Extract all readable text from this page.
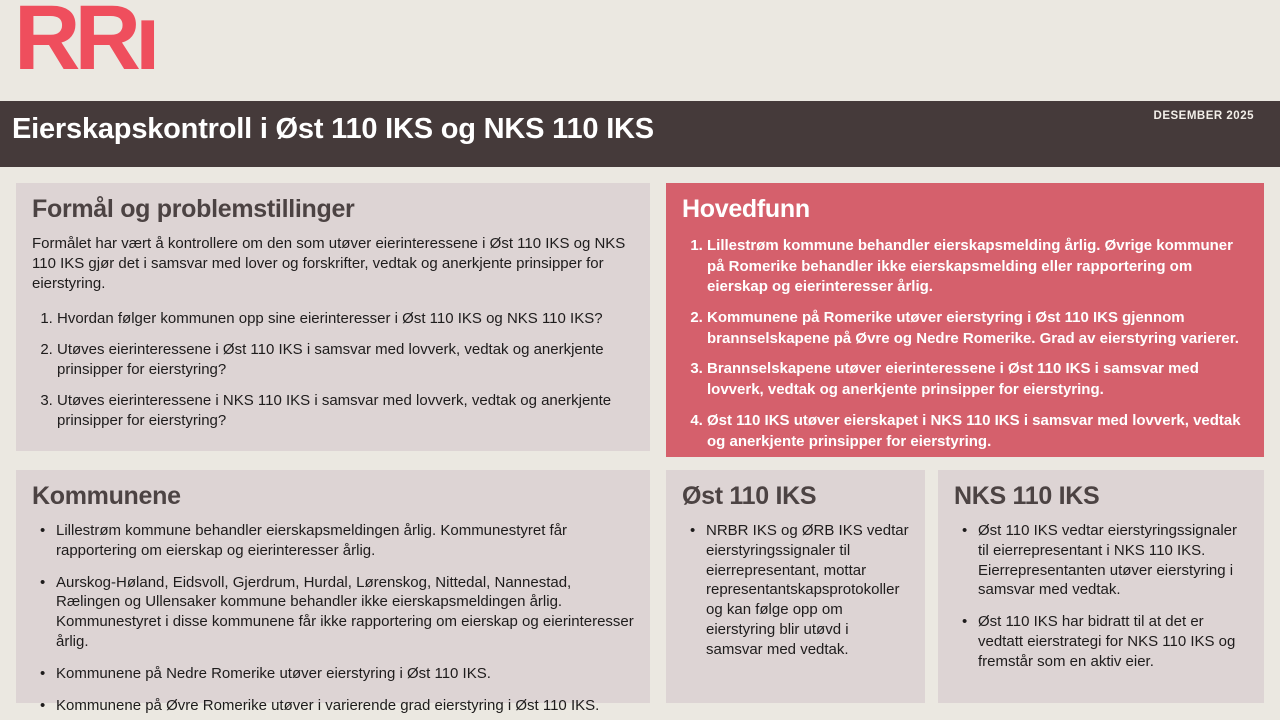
RRı
DESEMBER 2025
Eierskapskontroll i Øst 110 IKS og NKS 110 IKS
Formål og problemstillinger

Formålet har vært å kontrollere om den som utøver eierinteressene i Øst 110 IKS og NKS 110 IKS gjør det i samsvar med lover og forskrifter, vedtak og anerkjente prinsipper for eierstyring.

1. Hvordan følger kommunen opp sine eierinteresser i Øst 110 IKS og NKS 110 IKS?
2. Utøves eierinteressene i Øst 110 IKS i samsvar med lovverk, vedtak og anerkjente prinsipper for eierstyring?
3. Utøves eierinteressene i NKS 110 IKS i samsvar med lovverk, vedtak og anerkjente prinsipper for eierstyring?
Hovedfunn
1. Lillestrøm kommune behandler eierskapsmelding årlig. Øvrige kommuner på Romerike behandler ikke eierskapsmelding eller rapportering om eierskap og eierinteresser årlig.
2. Kommunene på Romerike utøver eierstyring i Øst 110 IKS gjennom brannselskapene på Øvre og Nedre Romerike. Grad av eierstyring varierer.
3. Brannselskapene utøver eierinteressene i Øst 110 IKS i samsvar med lovverk, vedtak og anerkjente prinsipper for eierstyring.
4. Øst 110 IKS utøver eierskapet i NKS 110 IKS i samsvar med lovverk, vedtak og anerkjente prinsipper for eierstyring.
Kommunene
• Lillestrøm kommune behandler eierskapsmeldingen årlig. Kommunestyret får rapportering om eierskap og eierinteresser årlig.
• Aurskog-Høland, Eidsvoll, Gjerdrum, Hurdal, Lørenskog, Nittedal, Nannestad, Rælingen og Ullensaker kommune behandler ikke eierskapsmeldingen årlig. Kommunestyret i disse kommunene får ikke rapportering om eierskap og eierinteresser årlig.
• Kommunene på Nedre Romerike utøver eierstyring i Øst 110 IKS.
• Kommunene på Øvre Romerike utøver i varierende grad eierstyring i Øst 110 IKS.
Øst 110 IKS
• NRBR IKS og ØRB IKS vedtar eierstyringssignaler til eierrepresentant, mottar representantskapsprotokoller og kan følge opp om eierstyring blir utøvd i samsvar med vedtak.
NKS 110 IKS
• Øst 110 IKS vedtar eierstyringssignaler til eierrepresentant i NKS 110 IKS. Eierrepresentanten utøver eierstyring i samsvar med vedtak.
• Øst 110 IKS har bidratt til at det er vedtatt eierstrategi for NKS 110 IKS og fremstår som en aktiv eier.
